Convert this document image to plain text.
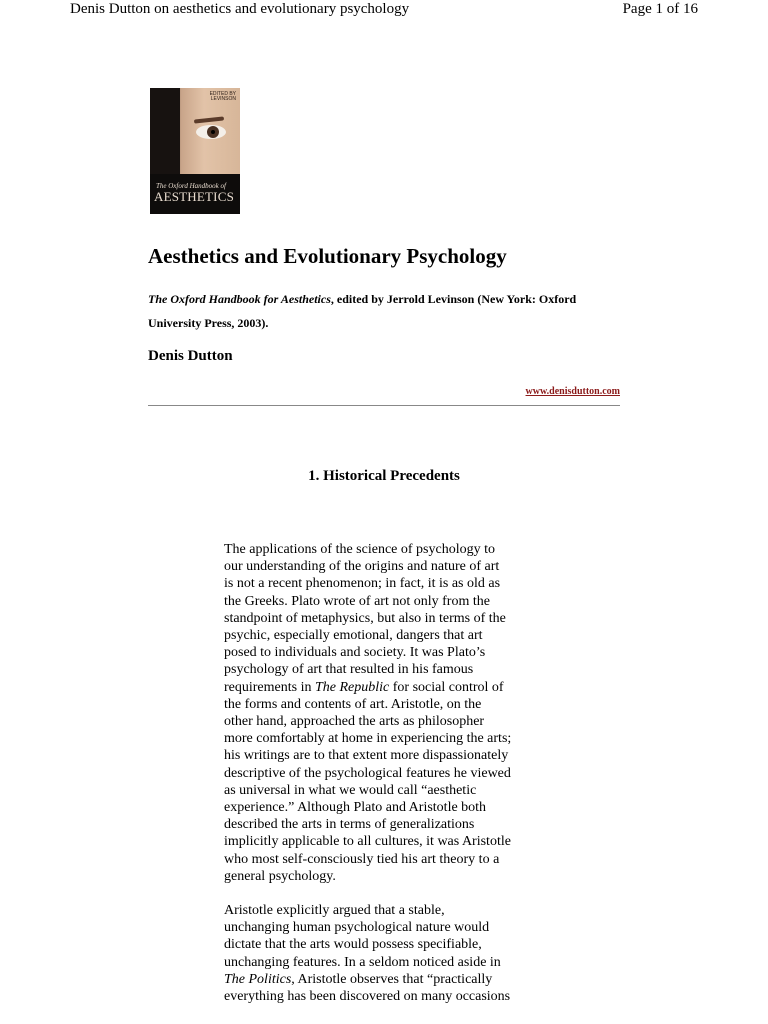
Denis Dutton on aesthetics and evolutionary psychology	Page 1 of 16
EDITED BY
LEVINSON
The Oxford Handbook of
AESTHETICS
Aesthetics and Evolutionary Psychology
The Oxford Handbook for Aesthetics, edited by Jerrold Levinson (New York: Oxford University Press, 2003).
Denis Dutton
www.denisdutton.com
1. Historical Precedents

The applications of the science of psychology to
our understanding of the origins and nature of art
is not a recent phenomenon; in fact, it is as old as
the Greeks. Plato wrote of art not only from the
standpoint of metaphysics, but also in terms of the
psychic, especially emotional, dangers that art
posed to individuals and society. It was Plato’s
psychology of art that resulted in his famous
requirements in The Republic for social control of
the forms and contents of art. Aristotle, on the
other hand, approached the arts as philosopher
more comfortably at home in experiencing the arts;
his writings are to that extent more dispassionately
descriptive of the psychological features he viewed
as universal in what we would call “aesthetic
experience.” Although Plato and Aristotle both
described the arts in terms of generalizations
implicitly applicable to all cultures, it was Aristotle
who most self-consciously tied his art theory to a
general psychology.

Aristotle explicitly argued that a stable,
unchanging human psychological nature would
dictate that the arts would possess specifiable,
unchanging features. In a seldom noticed aside in
The Politics, Aristotle observes that “practically
everything has been discovered on many occasions
